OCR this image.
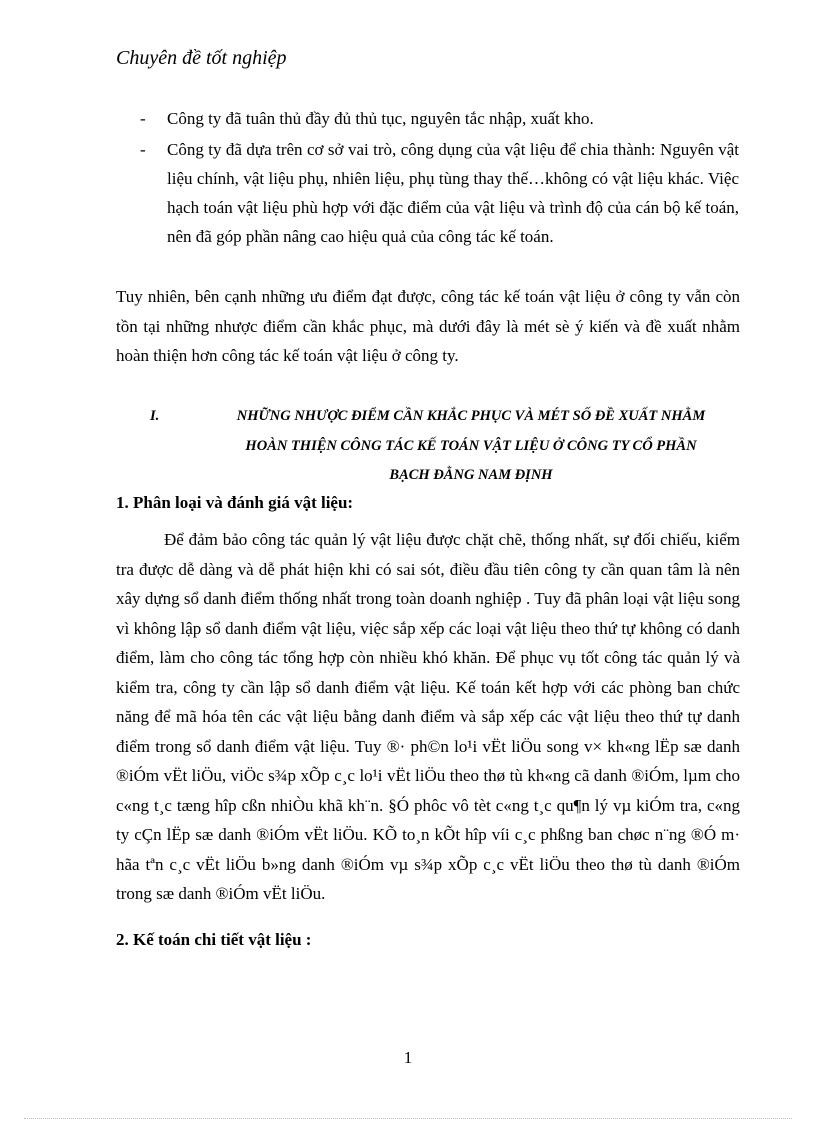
Chuyên đề tốt nghiệp
-	Công ty đã tuân thủ đầy đủ thủ tục, nguyên tắc nhập, xuất kho.
-	Công ty đã dựa trên cơ sở vai trò, công dụng của vật liệu để chia thành: Nguyên vật liệu chính, vật liệu phụ, nhiên liệu, phụ tùng thay thế…không có vật liệu khác. Việc hạch toán vật liệu phù hợp với đặc điểm của vật liệu và trình độ của cán bộ kế toán, nên đã góp phần nâng cao hiệu quả của công tác kế toán.
Tuy nhiên, bên cạnh những ưu điểm đạt được, công tác kế toán vật liệu ở công ty vẫn còn tồn tại những nhược điểm cần khắc phục, mà dưới đây là mét sè ý kiến và đề xuất nhằm hoàn thiện hơn công tác kế toán vật liệu ở công ty.
I.	NHỮNG NHƯỢC ĐIỂM CẦN KHẮC PHỤC VÀ MÉT SỐ ĐỀ XUẤT NHẰM
HOÀN THIỆN CÔNG TÁC KẾ TOÁN VẬT LIỆU Ở CÔNG TY CỔ PHẦN
BẠCH ĐẰNG NAM ĐỊNH
1. Phân loại và đánh giá vật liệu:
Để đảm bảo công tác quản lý vật liệu được chặt chẽ, thống nhất, sự đối chiếu, kiểm tra được dễ dàng và dễ phát hiện khi có sai sót, điều đầu tiên công ty cần quan tâm là nên xây dựng sổ danh điểm thống nhất trong toàn doanh nghiệp . Tuy đã phân loại vật liệu song vì không lập sổ danh điểm vật liệu, việc sắp xếp các loại vật liệu theo thứ tự không có danh điểm, làm cho công tác tổng hợp còn nhiều khó khăn. Để phục vụ tốt công tác quản lý và kiểm tra, công ty cần lập sổ danh điểm vật liệu. Kế toán kết hợp với các phòng ban chức năng để mã hóa tên các vật liệu bằng danh điểm và sắp xếp các vật liệu theo thứ tự danh điểm trong sổ danh điểm vật liệu. Tuy ®· ph©n lo¹i vËt liÖu song v× kh«ng lËp sæ danh ®iÓm vËt liÖu, viÖc s¾p xÕp c¸c lo¹i vËt liÖu theo thø tù kh«ng cã danh ®iÓm, lµm cho c«ng t¸c tæng hîp cßn nhiÒu khã kh¨n. §Ó phôc vô tèt c«ng t¸c qu¶n lý vµ kiÓm tra, c«ng ty cÇn lËp sæ danh ®iÓm vËt liÖu. KÕ to¸n kÕt hîp víi c¸c phßng ban chøc n¨ng ®Ó m· hãa tªn c¸c vËt liÖu b»ng danh ®iÓm vµ s¾p xÕp c¸c vËt liÖu theo thø tù danh ®iÓm trong sæ danh ®iÓm vËt liÖu.
2. Kế toán chi tiết vật liệu :
1
